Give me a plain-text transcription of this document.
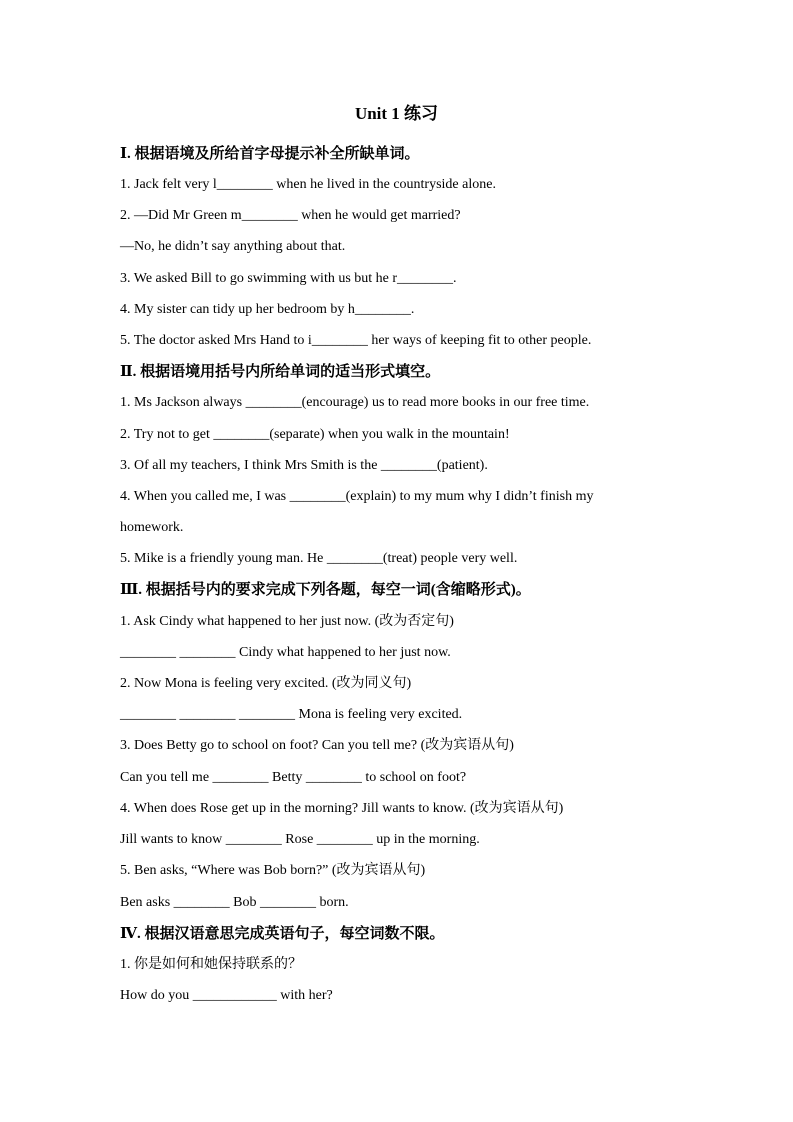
Unit 1 练习
Ⅰ. 根据语境及所给首字母提示补全所缺单词。
1. Jack felt very l________ when he lived in the countryside alone.
2. —Did Mr Green m________ when he would get married?
—No, he didn’t say anything about that.
3. We asked Bill to go swimming with us but he r________.
4. My sister can tidy up her bedroom by h________.
5. The doctor asked Mrs Hand to i________ her ways of keeping fit to other people.
Ⅱ. 根据语境用括号内所给单词的适当形式填空。
1. Ms Jackson always ________(encourage) us to read more books in our free time.
2. Try not to get ________(separate) when you walk in the mountain!
3. Of all my teachers, I think Mrs Smith is the ________(patient).
4. When you called me, I was ________(explain) to my mum why I didn’t finish my
homework.
5. Mike is a friendly young man. He ________(treat) people very well.
Ⅲ. 根据括号内的要求完成下列各题，每空一词(含缩略形式)。
1. Ask Cindy what happened to her just now. (改为否定句)
________ ________ Cindy what happened to her just now.
2. Now Mona is feeling very excited. (改为同义句)
________ ________ ________ Mona is feeling very excited.
3. Does Betty go to school on foot? Can you tell me? (改为宾语从句)
Can you tell me ________ Betty ________ to school on foot?
4. When does Rose get up in the morning? Jill wants to know. (改为宾语从句)
Jill wants to know ________ Rose ________ up in the morning.
5. Ben asks, “Where was Bob born?” (改为宾语从句)
Ben asks ________ Bob ________ born.
Ⅳ. 根据汉语意思完成英语句子，每空词数不限。
1. 你是如何和她保持联系的？
How do you ____________ with her?
